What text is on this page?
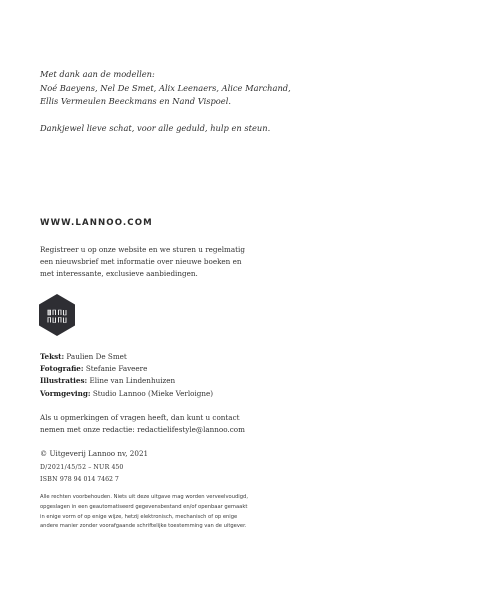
Met dank aan de modellen:

Noé Baeyens, Nel De Smet, Alix Leenaers, Alice Marchand,

Ellis Vermeulen Beeckmans en Nand Vispoel.

Dankjewel lieve schat, voor alle geduld, hulp en steun.

WWW.LANNOO.COM
Registreer u op onze website en we sturen u regelmatig
een nieuwsbrief met informatie over nieuwe boeken en
met interessante, exclusieve aanbiedingen.
Tekst: Paulien De Smet
Fotografie: Stefanie Faveere
Illustraties: Eline van Lindenhuizen
Vormgeving: Studio Lannoo (Mieke Verloigne)
Als u opmerkingen of vragen heeft, dan kunt u contact
nemen met onze redactie: redactielifestyle@lannoo.com
© Uitgeverij Lannoo nv, 2021
D/2021/45/52 – NUR 450
ISBN 978 94 014 7462 7

Alle rechten voorbehouden. Niets uit deze uitgave mag worden verveelvoudigd,

opgeslagen in een geautomatiseerd gegevensbestand en/of openbaar gemaakt

in enige vorm of op enige wijze, hetzij elektronisch, mechanisch of op enige

andere manier zonder voorafgaande schriftelijke toestemming van de uitgever.
